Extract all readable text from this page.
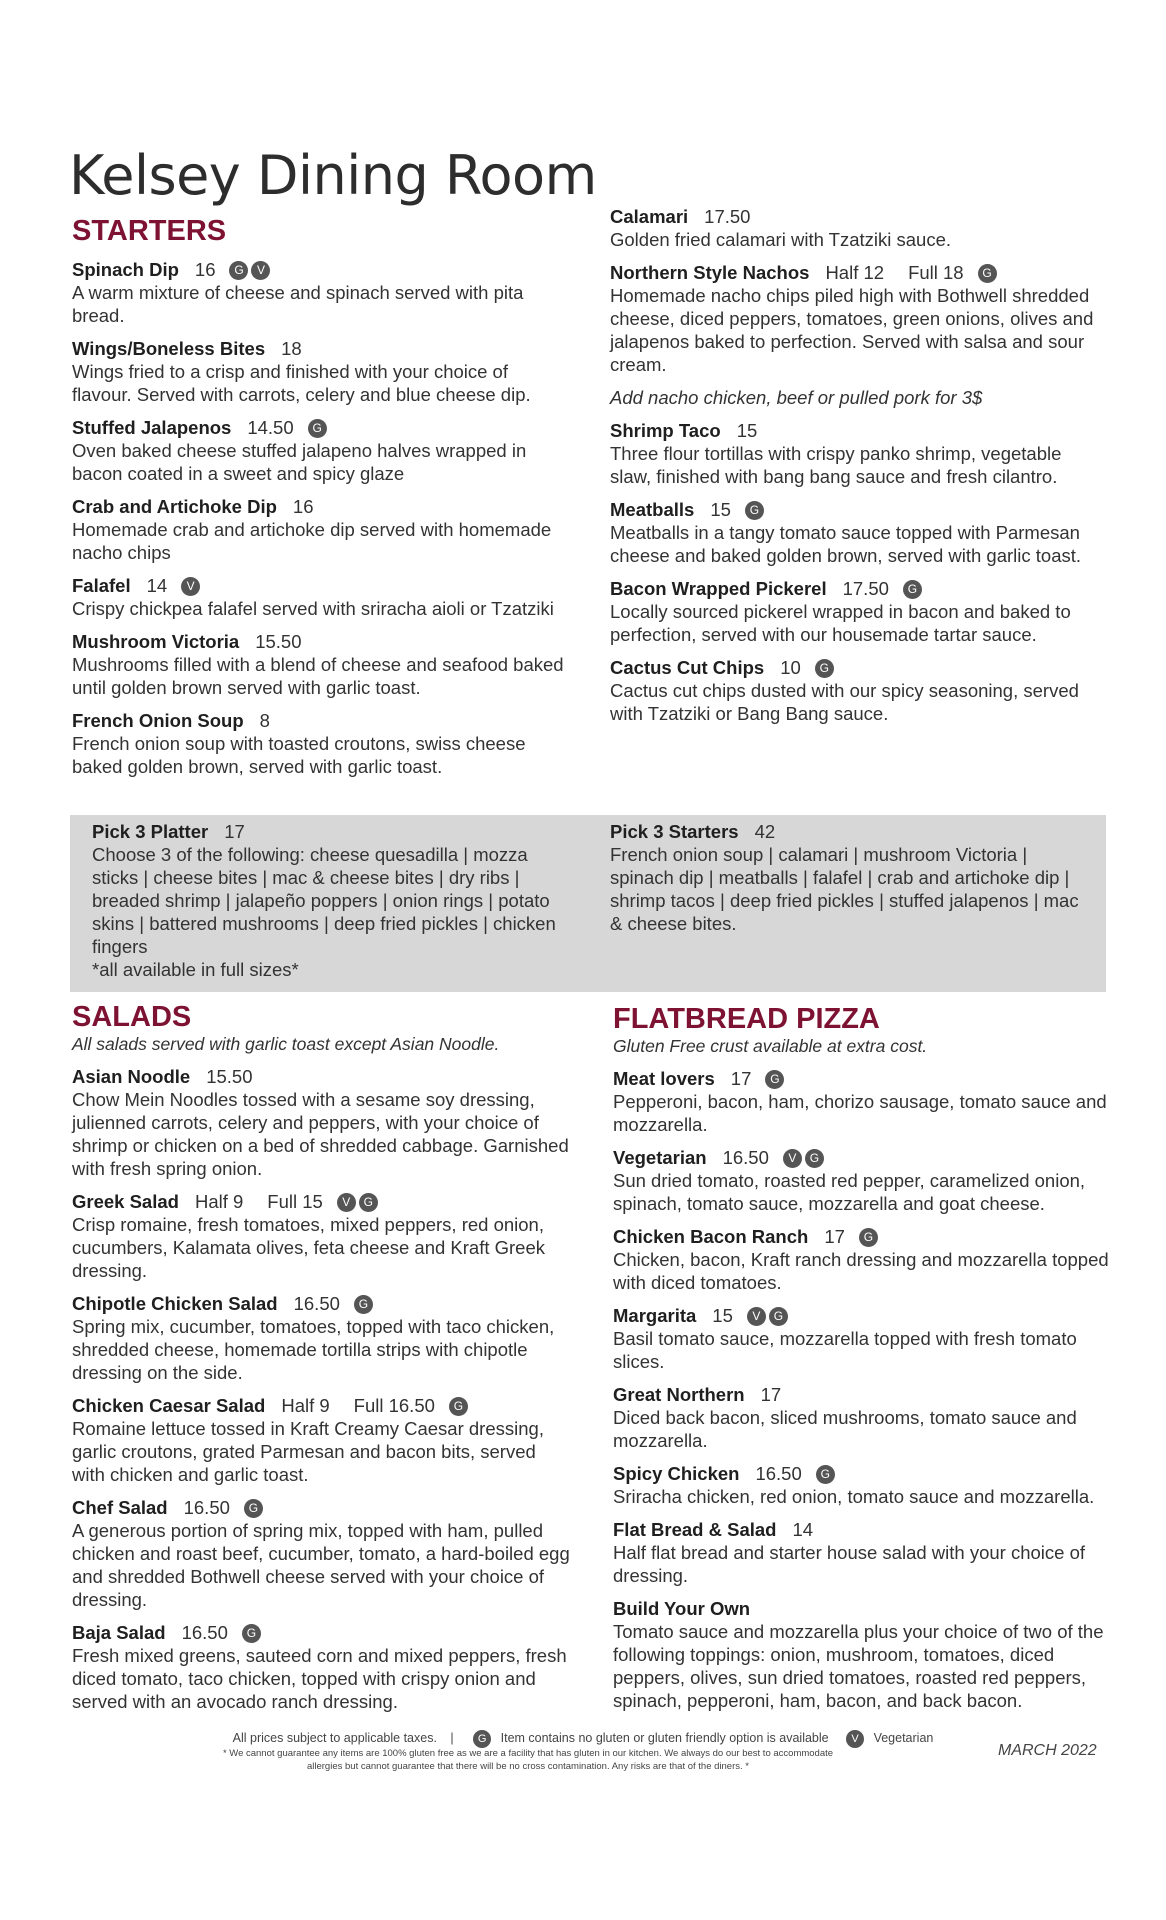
Kelsey Dining Room
STARTERS
Spinach Dip 16 G V
A warm mixture of cheese and spinach served with pita bread.
Wings/Boneless Bites 18
Wings fried to a crisp and finished with your choice of flavour. Served with carrots, celery and blue cheese dip.
Stuffed Jalapenos 14.50 G
Oven baked cheese stuffed jalapeno halves wrapped in bacon coated in a sweet and spicy glaze
Crab and Artichoke Dip 16
Homemade crab and artichoke dip served with homemade nacho chips
Falafel 14 V
Crispy chickpea falafel served with sriracha aioli or Tzatziki
Mushroom Victoria 15.50
Mushrooms filled with a blend of cheese and seafood baked until golden brown served with garlic toast.
French Onion Soup 8
French onion soup with toasted croutons, swiss cheese baked golden brown, served with garlic toast.
Calamari 17.50
Golden fried calamari with Tzatziki sauce.
Northern Style Nachos Half 12 Full 18 G
Homemade nacho chips piled high with Bothwell shredded cheese, diced peppers, tomatoes, green onions, olives and jalapenos baked to perfection. Served with salsa and sour cream.
Add nacho chicken, beef or pulled pork for 3$
Shrimp Taco 15
Three flour tortillas with crispy panko shrimp, vegetable slaw, finished with bang bang sauce and fresh cilantro.
Meatballs 15 G
Meatballs in a tangy tomato sauce topped with Parmesan cheese and baked golden brown, served with garlic toast.
Bacon Wrapped Pickerel 17.50 G
Locally sourced pickerel wrapped in bacon and baked to perfection, served with our housemade tartar sauce.
Cactus Cut Chips 10 G
Cactus cut chips dusted with our spicy seasoning, served with Tzatziki or Bang Bang sauce.
Pick 3 Platter 17
Choose 3 of the following: cheese quesadilla | mozza sticks | cheese bites | mac & cheese bites | dry ribs | breaded shrimp | jalapeño poppers | onion rings | potato skins | battered mushrooms | deep fried pickles | chicken fingers
*all available in full sizes*
Pick 3 Starters 42
French onion soup | calamari | mushroom Victoria | spinach dip | meatballs | falafel | crab and artichoke dip | shrimp tacos | deep fried pickles | stuffed jalapenos | mac & cheese bites.
SALADS
All salads served with garlic toast except Asian Noodle.
Asian Noodle 15.50
Chow Mein Noodles tossed with a sesame soy dressing, julienned carrots, celery and peppers, with your choice of shrimp or chicken on a bed of shredded cabbage. Garnished with fresh spring onion.
Greek Salad Half 9 Full 15 V G
Crisp romaine, fresh tomatoes, mixed peppers, red onion, cucumbers, Kalamata olives, feta cheese and Kraft Greek dressing.
Chipotle Chicken Salad 16.50 G
Spring mix, cucumber, tomatoes, topped with taco chicken, shredded cheese, homemade tortilla strips with chipotle dressing on the side.
Chicken Caesar Salad Half 9 Full 16.50 G
Romaine lettuce tossed in Kraft Creamy Caesar dressing, garlic croutons, grated Parmesan and bacon bits, served with chicken and garlic toast.
Chef Salad 16.50 G
A generous portion of spring mix, topped with ham, pulled chicken and roast beef, cucumber, tomato, a hard-boiled egg and shredded Bothwell cheese served with your choice of dressing.
Baja Salad 16.50 G
Fresh mixed greens, sauteed corn and mixed peppers, fresh diced tomato, taco chicken, topped with crispy onion and served with an avocado ranch dressing.
FLATBREAD PIZZA
Gluten Free crust available at extra cost.
Meat lovers 17 G
Pepperoni, bacon, ham, chorizo sausage, tomato sauce and mozzarella.
Vegetarian 16.50 V G
Sun dried tomato, roasted red pepper, caramelized onion, spinach, tomato sauce, mozzarella and goat cheese.
Chicken Bacon Ranch 17 G
Chicken, bacon, Kraft ranch dressing and mozzarella topped with diced tomatoes.
Margarita 15 V G
Basil tomato sauce, mozzarella topped with fresh tomato slices.
Great Northern 17
Diced back bacon, sliced mushrooms, tomato sauce and mozzarella.
Spicy Chicken 16.50 G
Sriracha chicken, red onion, tomato sauce and mozzarella.
Flat Bread & Salad 14
Half flat bread and starter house salad with your choice of dressing.
Build Your Own
Tomato sauce and mozzarella plus your choice of two of the following toppings: onion, mushroom, tomatoes, diced peppers, olives, sun dried tomatoes, roasted red peppers, spinach, pepperoni, ham, bacon, and back bacon.
All prices subject to applicable taxes. | G Item contains no gluten or gluten friendly option is available V Vegetarian
* We cannot guarantee any items are 100% gluten free as we are a facility that has gluten in our kitchen. We always do our best to accommodate
allergies but cannot guarantee that there will be no cross contamination. Any risks are that of the diners. *
MARCH 2022
